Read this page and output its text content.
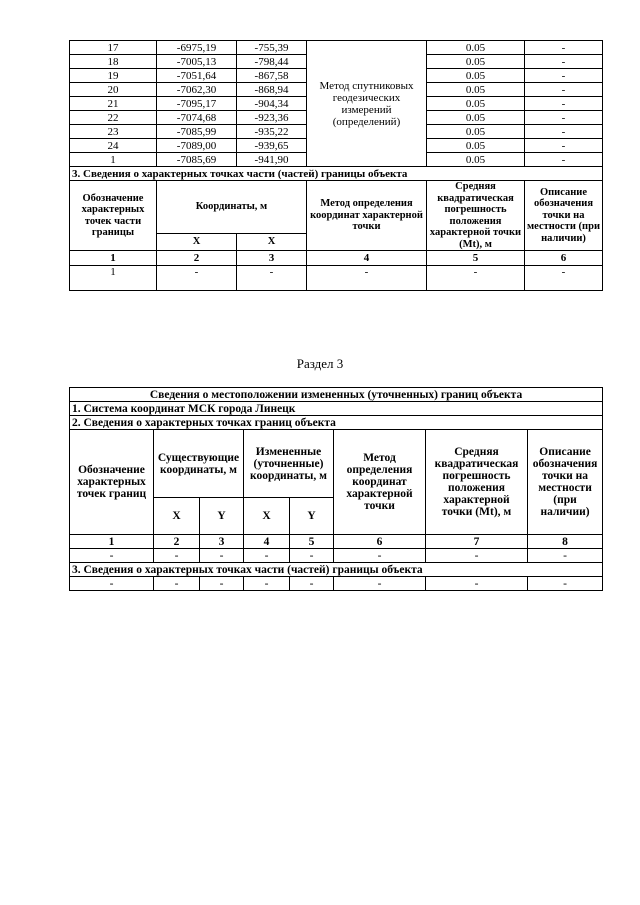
17	-6975,19	-755,39	Метод спутниковых геодезических измерений (определений)	0.05	-
18	-7005,13	-798,44		0.05	-
19	-7051,64	-867,58		0.05	-
20	-7062,30	-868,94		0.05	-
21	-7095,17	-904,34		0.05	-
22	-7074,68	-923,36		0.05	-
23	-7085,99	-935,22		0.05	-
24	-7089,00	-939,65		0.05	-
1	-7085,69	-941,90		0.05	-
3. Сведения о характерных точках части (частей) границы объекта					
Обозначение характерных точек части границы	Координаты, м		Метод определения координат характерной точки	Средняя квадратическая погрешность положения характерной точки (Mt), м	Описание обозначения точки на местности (при наличии)
	X	X			
1	2	3	4	5	6
1	-	-	-	-	-
Раздел 3
Сведения о местоположении измененных (уточненных) границ объекта							
1. Система координат МСК города Линецк							
2. Сведения о характерных точках границ объекта							
Обозначение характерных точек границ	Существующие координаты, м		Измененные (уточненные) координаты, м		Метод определения координат характерной точки	Средняя квадратическая погрешность положения характерной точки (Mt), м	Описание обозначения точки на местности (при наличии)
	X	Y	X	Y			
1	2	3	4	5	6	7	8
-	-	-	-	-	-	-	-
3. Сведения о характерных точках части (частей) границы объекта							
-	-	-	-	-	-	-	-
